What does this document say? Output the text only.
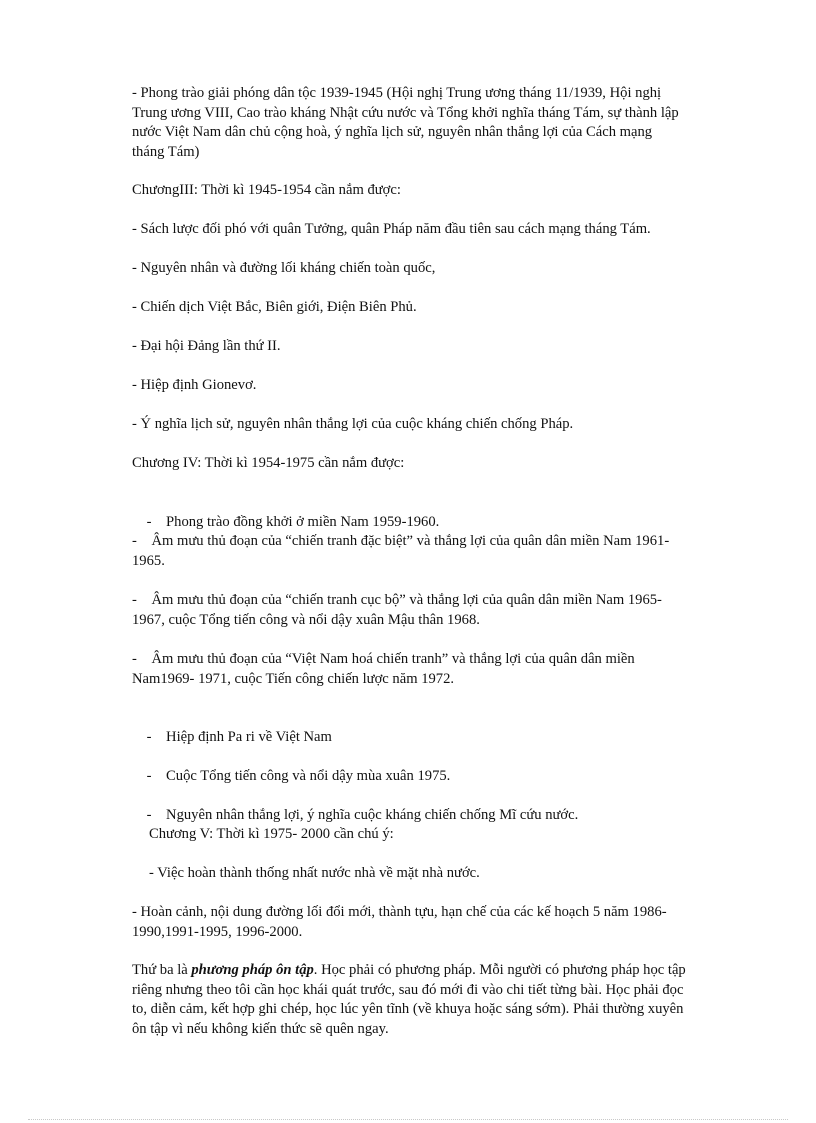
- Phong trào giải phóng dân tộc 1939-1945 (Hội nghị Trung ương tháng 11/1939, Hội nghị
Trung ương VIII, Cao trào kháng Nhật cứu nước và Tổng khởi nghĩa tháng Tám, sự thành lập
nước Việt Nam dân chủ cộng hoà, ý nghĩa lịch sử, nguyên nhân thắng lợi của Cách mạng
tháng Tám)

ChươngIII: Thời kì 1945-1954 cần nắm được:

- Sách lược đối phó với quân Tưởng, quân Pháp năm đầu tiên sau cách mạng tháng Tám.

- Nguyên nhân và đường lối kháng chiến toàn quốc,

- Chiến dịch Việt Bắc, Biên giới, Điện Biên Phủ.

- Đại hội Đảng lần thứ II.

- Hiệp định Gionevơ.

- Ý nghĩa lịch sử, nguyên nhân thắng lợi của cuộc kháng chiến chống Pháp.

Chương IV: Thời kì 1954-1975 cần nắm được:

-    Phong trào đồng khởi ở miền Nam 1959-1960.

-    Âm mưu thủ đoạn của “chiến tranh đặc biệt” và thắng lợi của quân dân miền Nam 1961-
1965.

-    Âm mưu thủ đoạn của “chiến tranh cục bộ” và thắng lợi của quân dân miền Nam 1965-
1967, cuộc Tổng tiến công và nổi dậy xuân Mậu thân 1968.

-    Âm mưu thủ đoạn của “Việt Nam hoá chiến tranh” và thắng lợi của quân dân miền
Nam1969- 1971, cuộc Tiến công chiến lược năm 1972.

-    Hiệp định Pa ri về Việt Nam

-    Cuộc Tổng tiến công và nổi dậy mùa xuân 1975.

-    Nguyên nhân thắng lợi, ý nghĩa cuộc kháng chiến chống Mĩ cứu nước.

Chương V: Thời kì 1975- 2000 cần chú ý:

- Việc hoàn thành thống nhất nước nhà về mặt nhà nước.

- Hoàn cảnh, nội dung đường lối đổi mới, thành tựu, hạn chế của các kế hoạch 5 năm 1986-
1990,1991-1995, 1996-2000.

Thứ ba là phương pháp ôn tập. Học phải có phương pháp. Mỗi người có phương pháp học tập
riêng nhưng theo tôi cần học khái quát trước, sau đó mới đi vào chi tiết từng bài. Học phải đọc
to, diễn cảm, kết hợp ghi chép, học lúc yên tĩnh (về khuya hoặc sáng sớm). Phải thường xuyên
ôn tập vì nếu không kiến thức sẽ quên ngay.
